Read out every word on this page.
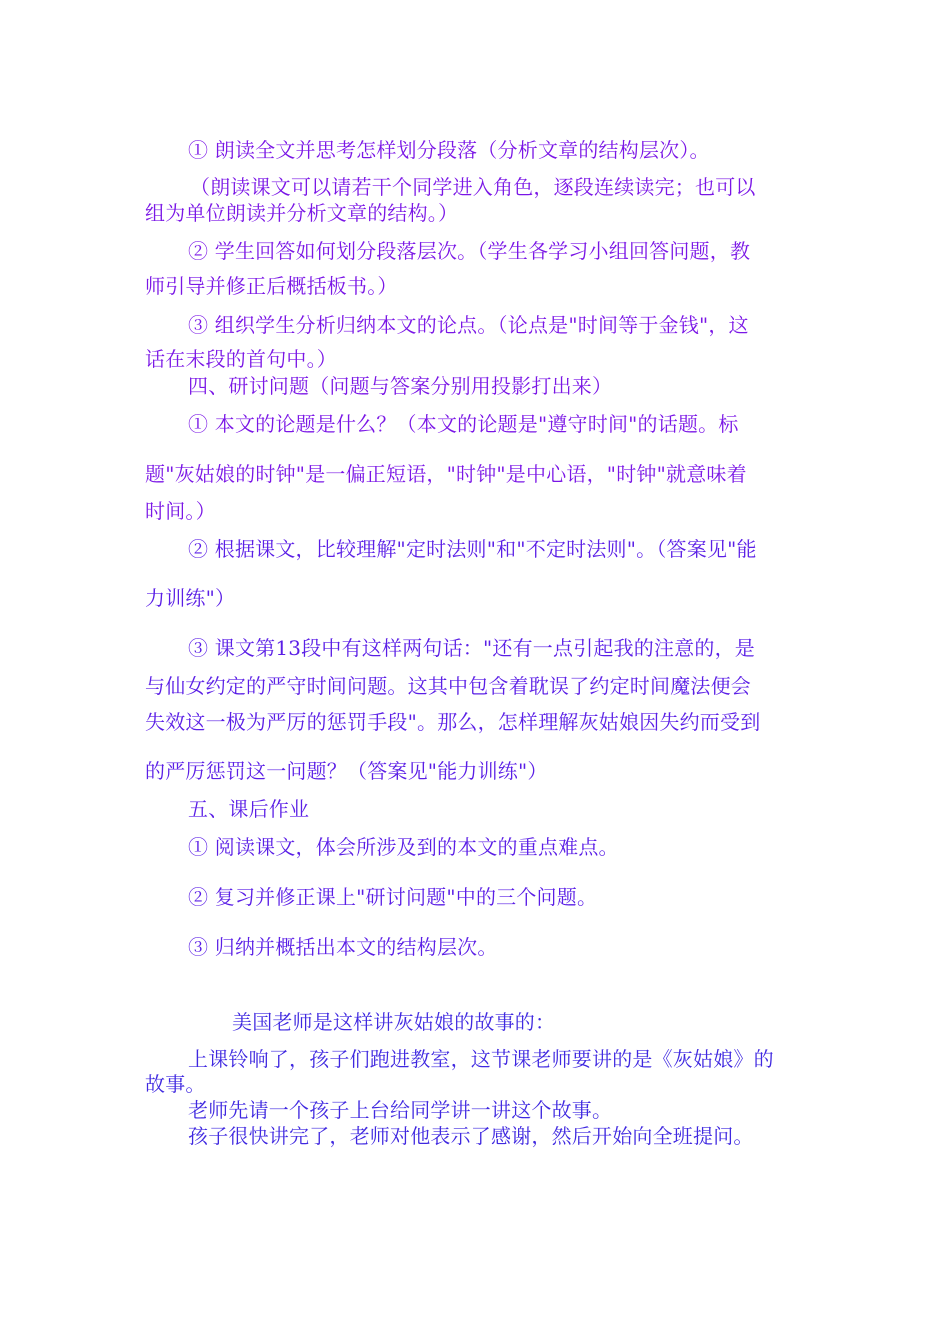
① 朗读全文并思考怎样划分段落（分析文章的结构层次）。
（朗读课文可以请若干个同学进入角色，逐段连续读完；也可以
组为单位朗读并分析文章的结构。）
② 学生回答如何划分段落层次。（学生各学习小组回答问题，教
师引导并修正后概括板书。）
③ 组织学生分析归纳本文的论点。（论点是"时间等于金钱"，这
话在末段的首句中。）
四、研讨问题（问题与答案分别用投影打出来）
① 本文的论题是什么？（本文的论题是"遵守时间"的话题。标
题"灰姑娘的时钟"是一偏正短语，"时钟"是中心语，"时钟"就意味着
时间。）
② 根据课文，比较理解"定时法则"和"不定时法则"。（答案见"能
力训练"）
③ 课文第13段中有这样两句话："还有一点引起我的注意的，是
与仙女约定的严守时间问题。这其中包含着耽误了约定时间魔法便会
失效这一极为严厉的惩罚手段"。那么，怎样理解灰姑娘因失约而受到
的严厉惩罚这一问题？（答案见"能力训练"）
五、课后作业
① 阅读课文，体会所涉及到的本文的重点难点。
② 复习并修正课上"研讨问题"中的三个问题。
③ 归纳并概括出本文的结构层次。
美国老师是这样讲灰姑娘的故事的：
上课铃响了，孩子们跑进教室，这节课老师要讲的是《灰姑娘》的
故事。
老师先请一个孩子上台给同学讲一讲这个故事。
孩子很快讲完了，老师对他表示了感谢，然后开始向全班提问。
